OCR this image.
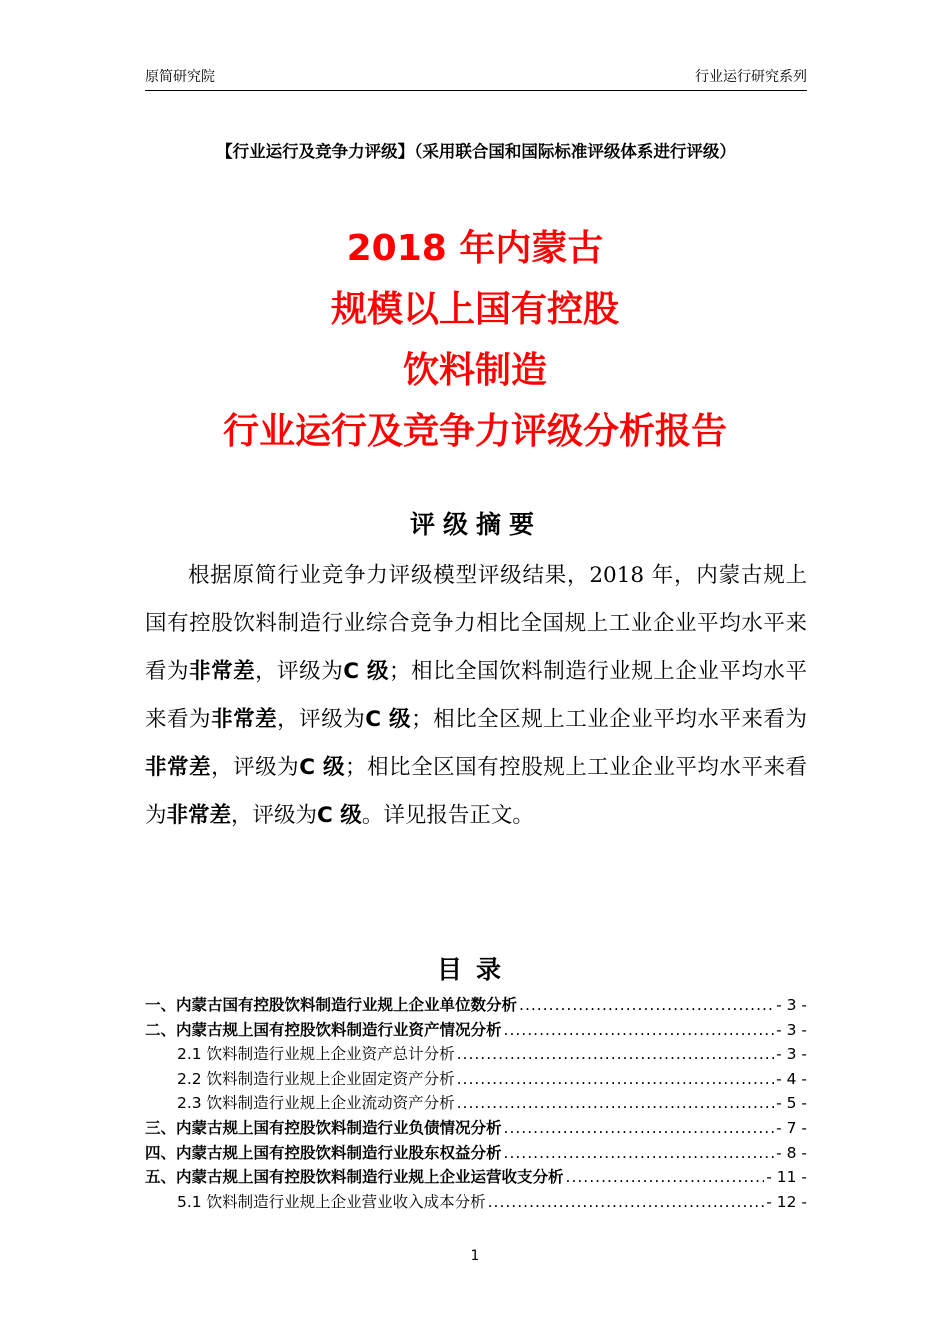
原简研究院	行业运行研究系列
【行业运行及竞争力评级】（采用联合国和国际标准评级体系进行评级）
2018 年内蒙古
规模以上国有控股
饮料制造
行业运行及竞争力评级分析报告
评级摘要
根据原简行业竞争力评级模型评级结果，2018 年，内蒙古规上国有控股饮料制造行业综合竞争力相比全国规上工业企业平均水平来看为非常差，评级为C 级；相比全国饮料制造行业规上企业平均水平来看为非常差，评级为C 级；相比全区规上工业企业平均水平来看为非常差，评级为C 级；相比全区国有控股规上工业企业平均水平来看为非常差，评级为C 级。详见报告正文。
目录
一、内蒙古国有控股饮料制造行业规上企业单位数分析 .....	- 3 -
二、内蒙古规上国有控股饮料制造行业资产情况分析 .....	- 3 -
2.1 饮料制造行业规上企业资产总计分析 .....	- 3 -
2.2 饮料制造行业规上企业固定资产分析 .....	- 4 -
2.3 饮料制造行业规上企业流动资产分析 .....	- 5 -
三、内蒙古规上国有控股饮料制造行业负债情况分析 .....	- 7 -
四、内蒙古规上国有控股饮料制造行业股东权益分析 .....	- 8 -
五、内蒙古规上国有控股饮料制造行业规上企业运营收支分析 .....	- 11 -
5.1 饮料制造行业规上企业营业收入成本分析 .....	- 12 -
1
